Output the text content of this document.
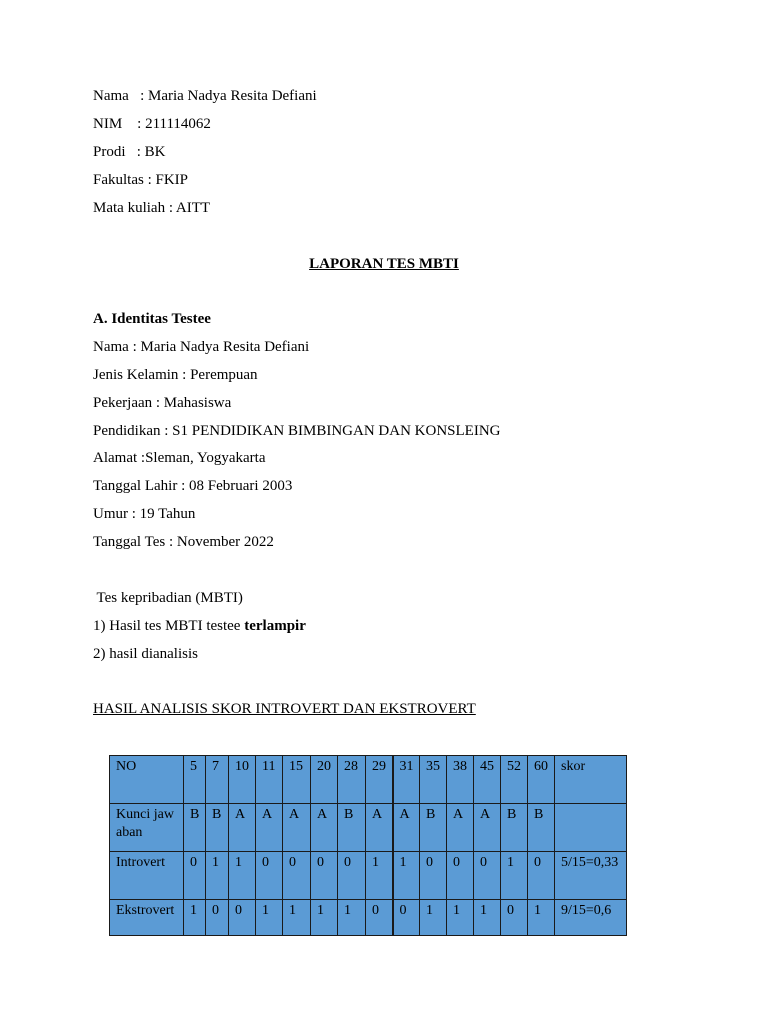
Nama   : Maria Nadya Resita Defiani
NIM    : 211114062
Prodi   : BK
Fakultas : FKIP
Mata kuliah : AITT
LAPORAN TES MBTI
A. Identitas Testee
Nama : Maria Nadya Resita Defiani
Jenis Kelamin : Perempuan
Pekerjaan : Mahasiswa
Pendidikan : S1 PENDIDIKAN BIMBINGAN DAN KONSLEING
Alamat :Sleman, Yogyakarta
Tanggal Lahir : 08 Februari 2003
Umur : 19 Tahun
Tanggal Tes : November 2022
Tes kepribadian (MBTI)
1) Hasil tes MBTI testee terlampir
2) hasil dianalisis
HASIL ANALISIS SKOR INTROVERT DAN EKSTROVERT
NO	5	7	10	11	15	20	28	29	31	35	38	45	52	60	skor
Kunci jawaban	B	B	A	A	A	A	B	A	A	B	A	A	B	B	
Introvert	0	1	1	0	0	0	0	1	1	0	0	0	1	0	5/15=0,33
Ekstrovert	1	0	0	1	1	1	1	0	0	1	1	1	0	1	9/15=0,6
